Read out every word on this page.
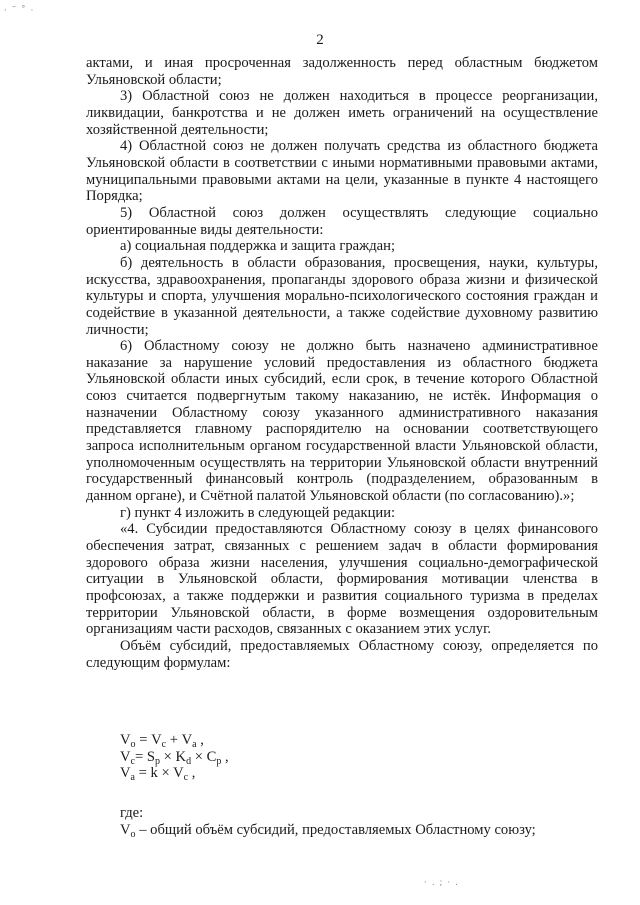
· ˜ ˚ ·
· . ; · .
2

актами, и иная просроченная задолженность перед областным бюджетом Ульяновской области;

3) Областной союз не должен находиться в процессе реорганизации, ликвидации, банкротства и не должен иметь ограничений на осуществление хозяйственной деятельности;

4) Областной союз не должен получать средства из областного бюджета Ульяновской области в соответствии с иными нормативными правовыми актами, муниципальными правовыми актами на цели, указанные в пункте 4 настоящего Порядка;

5) Областной союз должен осуществлять следующие социально ориентированные виды деятельности:

а) социальная поддержка и защита граждан;

б) деятельность в области образования, просвещения, науки, культуры, искусства, здравоохранения, пропаганды здорового образа жизни и физической культуры и спорта, улучшения морально-психологического состояния граждан и содействие в указанной деятельности, а также содействие духовному развитию личности;

6) Областному союзу не должно быть назначено административное наказание за нарушение условий предоставления из областного бюджета Ульяновской области иных субсидий, если срок, в течение которого Областной союз считается подвергнутым такому наказанию, не истёк. Информация о назначении Областному союзу указанного административного наказания представляется главному распорядителю на основании соответствующего запроса исполнительным органом государственной власти Ульяновской области, уполномоченным осуществлять на территории Ульяновской области внутренний государственный финансовый контроль (подразделением, образованным в данном органе), и Счётной палатой Ульяновской области (по согласованию).»;

г) пункт 4 изложить в следующей редакции:

«4. Субсидии предоставляются Областному союзу в целях финансового обеспечения затрат, связанных с решением задач в области формирования здорового образа жизни населения, улучшения социально-демографической ситуации в Ульяновской области, формирования мотивации членства в профсоюзах, а также поддержки и развития социального туризма в пределах территории Ульяновской области, в форме возмещения оздоровительным организациям части расходов, связанных с оказанием этих услуг.

Объём субсидий, предоставляемых Областному союзу, определяется по следующим формулам:

$V_о = V_с + V_а$ ,
$V_с= S_р \times K_d \times C_р$ ,
$V_а = k \times V_с$ ,
где:
$V_о$ – общий объём субсидий, предоставляемых Областному союзу;
